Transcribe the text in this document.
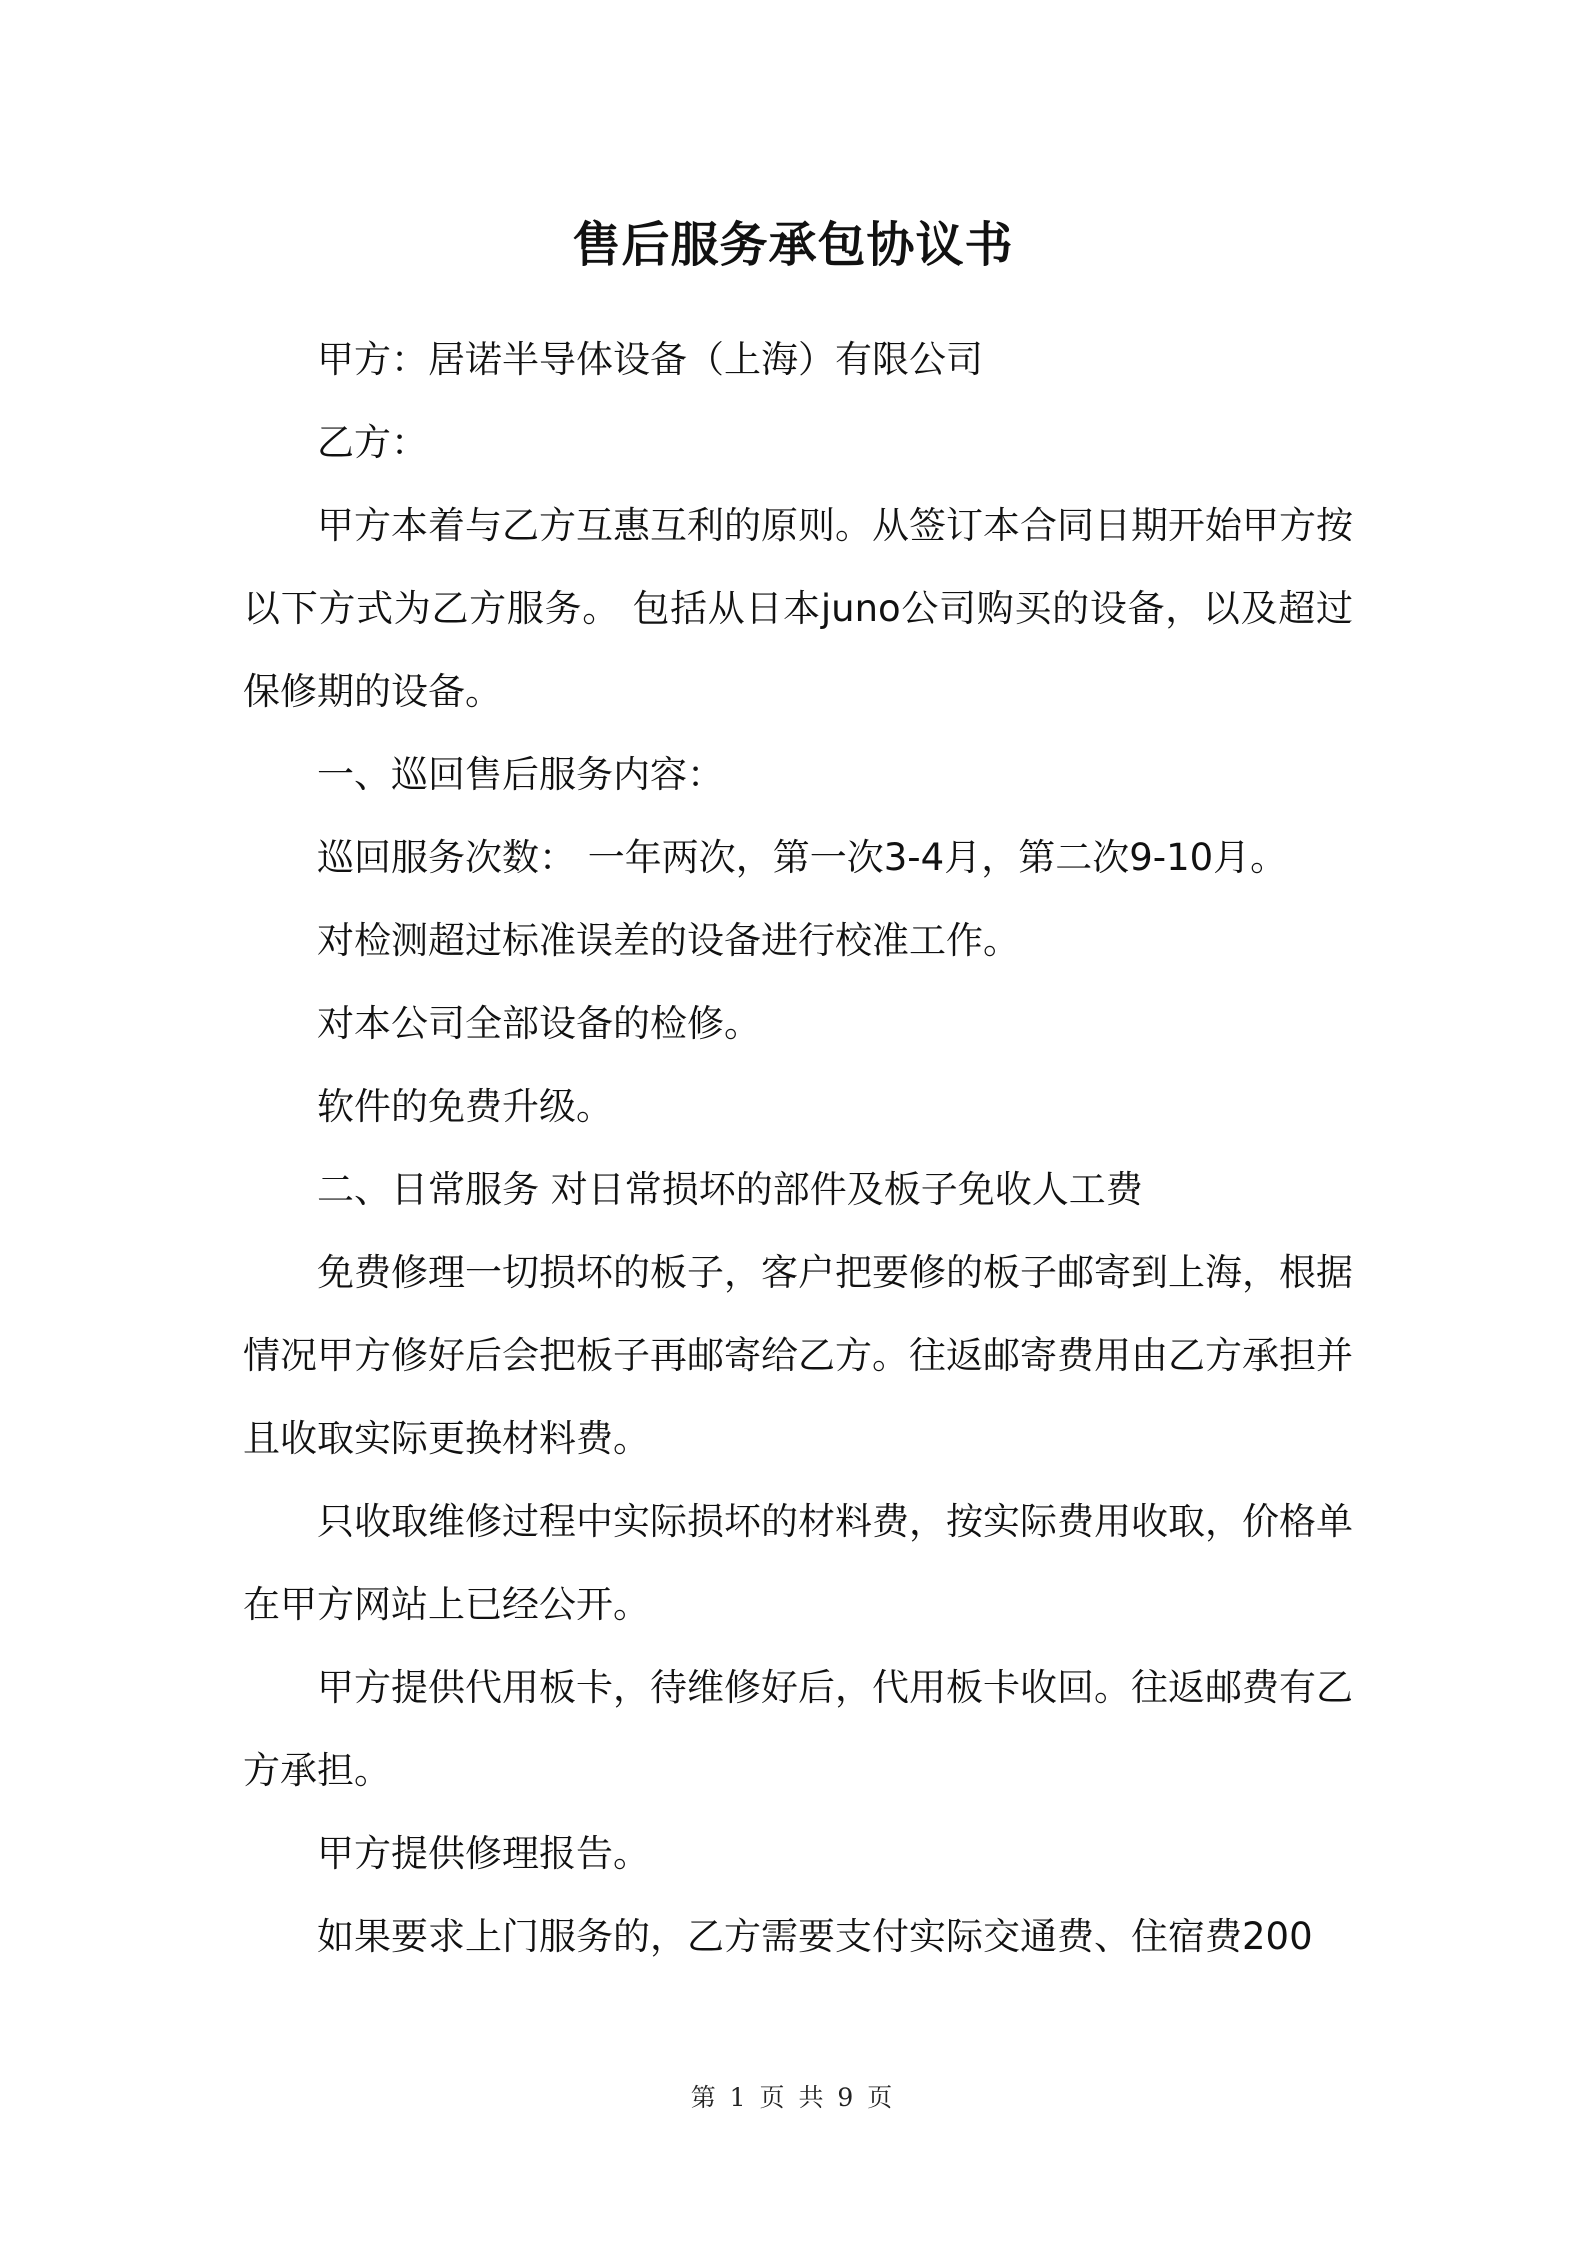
售后服务承包协议书

甲方：居诺半导体设备（上海）有限公司

乙方：

甲方本着与乙方互惠互利的原则。从签订本合同日期开始甲方按以下方式为乙方服务。 包括从日本juno公司购买的设备，以及超过保修期的设备。

一、巡回售后服务内容：

巡回服务次数： 一年两次，第一次3-4月，第二次9-10月。

对检测超过标准误差的设备进行校准工作。

对本公司全部设备的检修。

软件的免费升级。

二、日常服务 对日常损坏的部件及板子免收人工费

免费修理一切损坏的板子，客户把要修的板子邮寄到上海，根据情况甲方修好后会把板子再邮寄给乙方。往返邮寄费用由乙方承担并且收取实际更换材料费。

只收取维修过程中实际损坏的材料费，按实际费用收取，价格单在甲方网站上已经公开。

甲方提供代用板卡，待维修好后，代用板卡收回。往返邮费有乙方承担。

甲方提供修理报告。

如果要求上门服务的，乙方需要支付实际交通费、住宿费200

第 1 页 共 9 页
